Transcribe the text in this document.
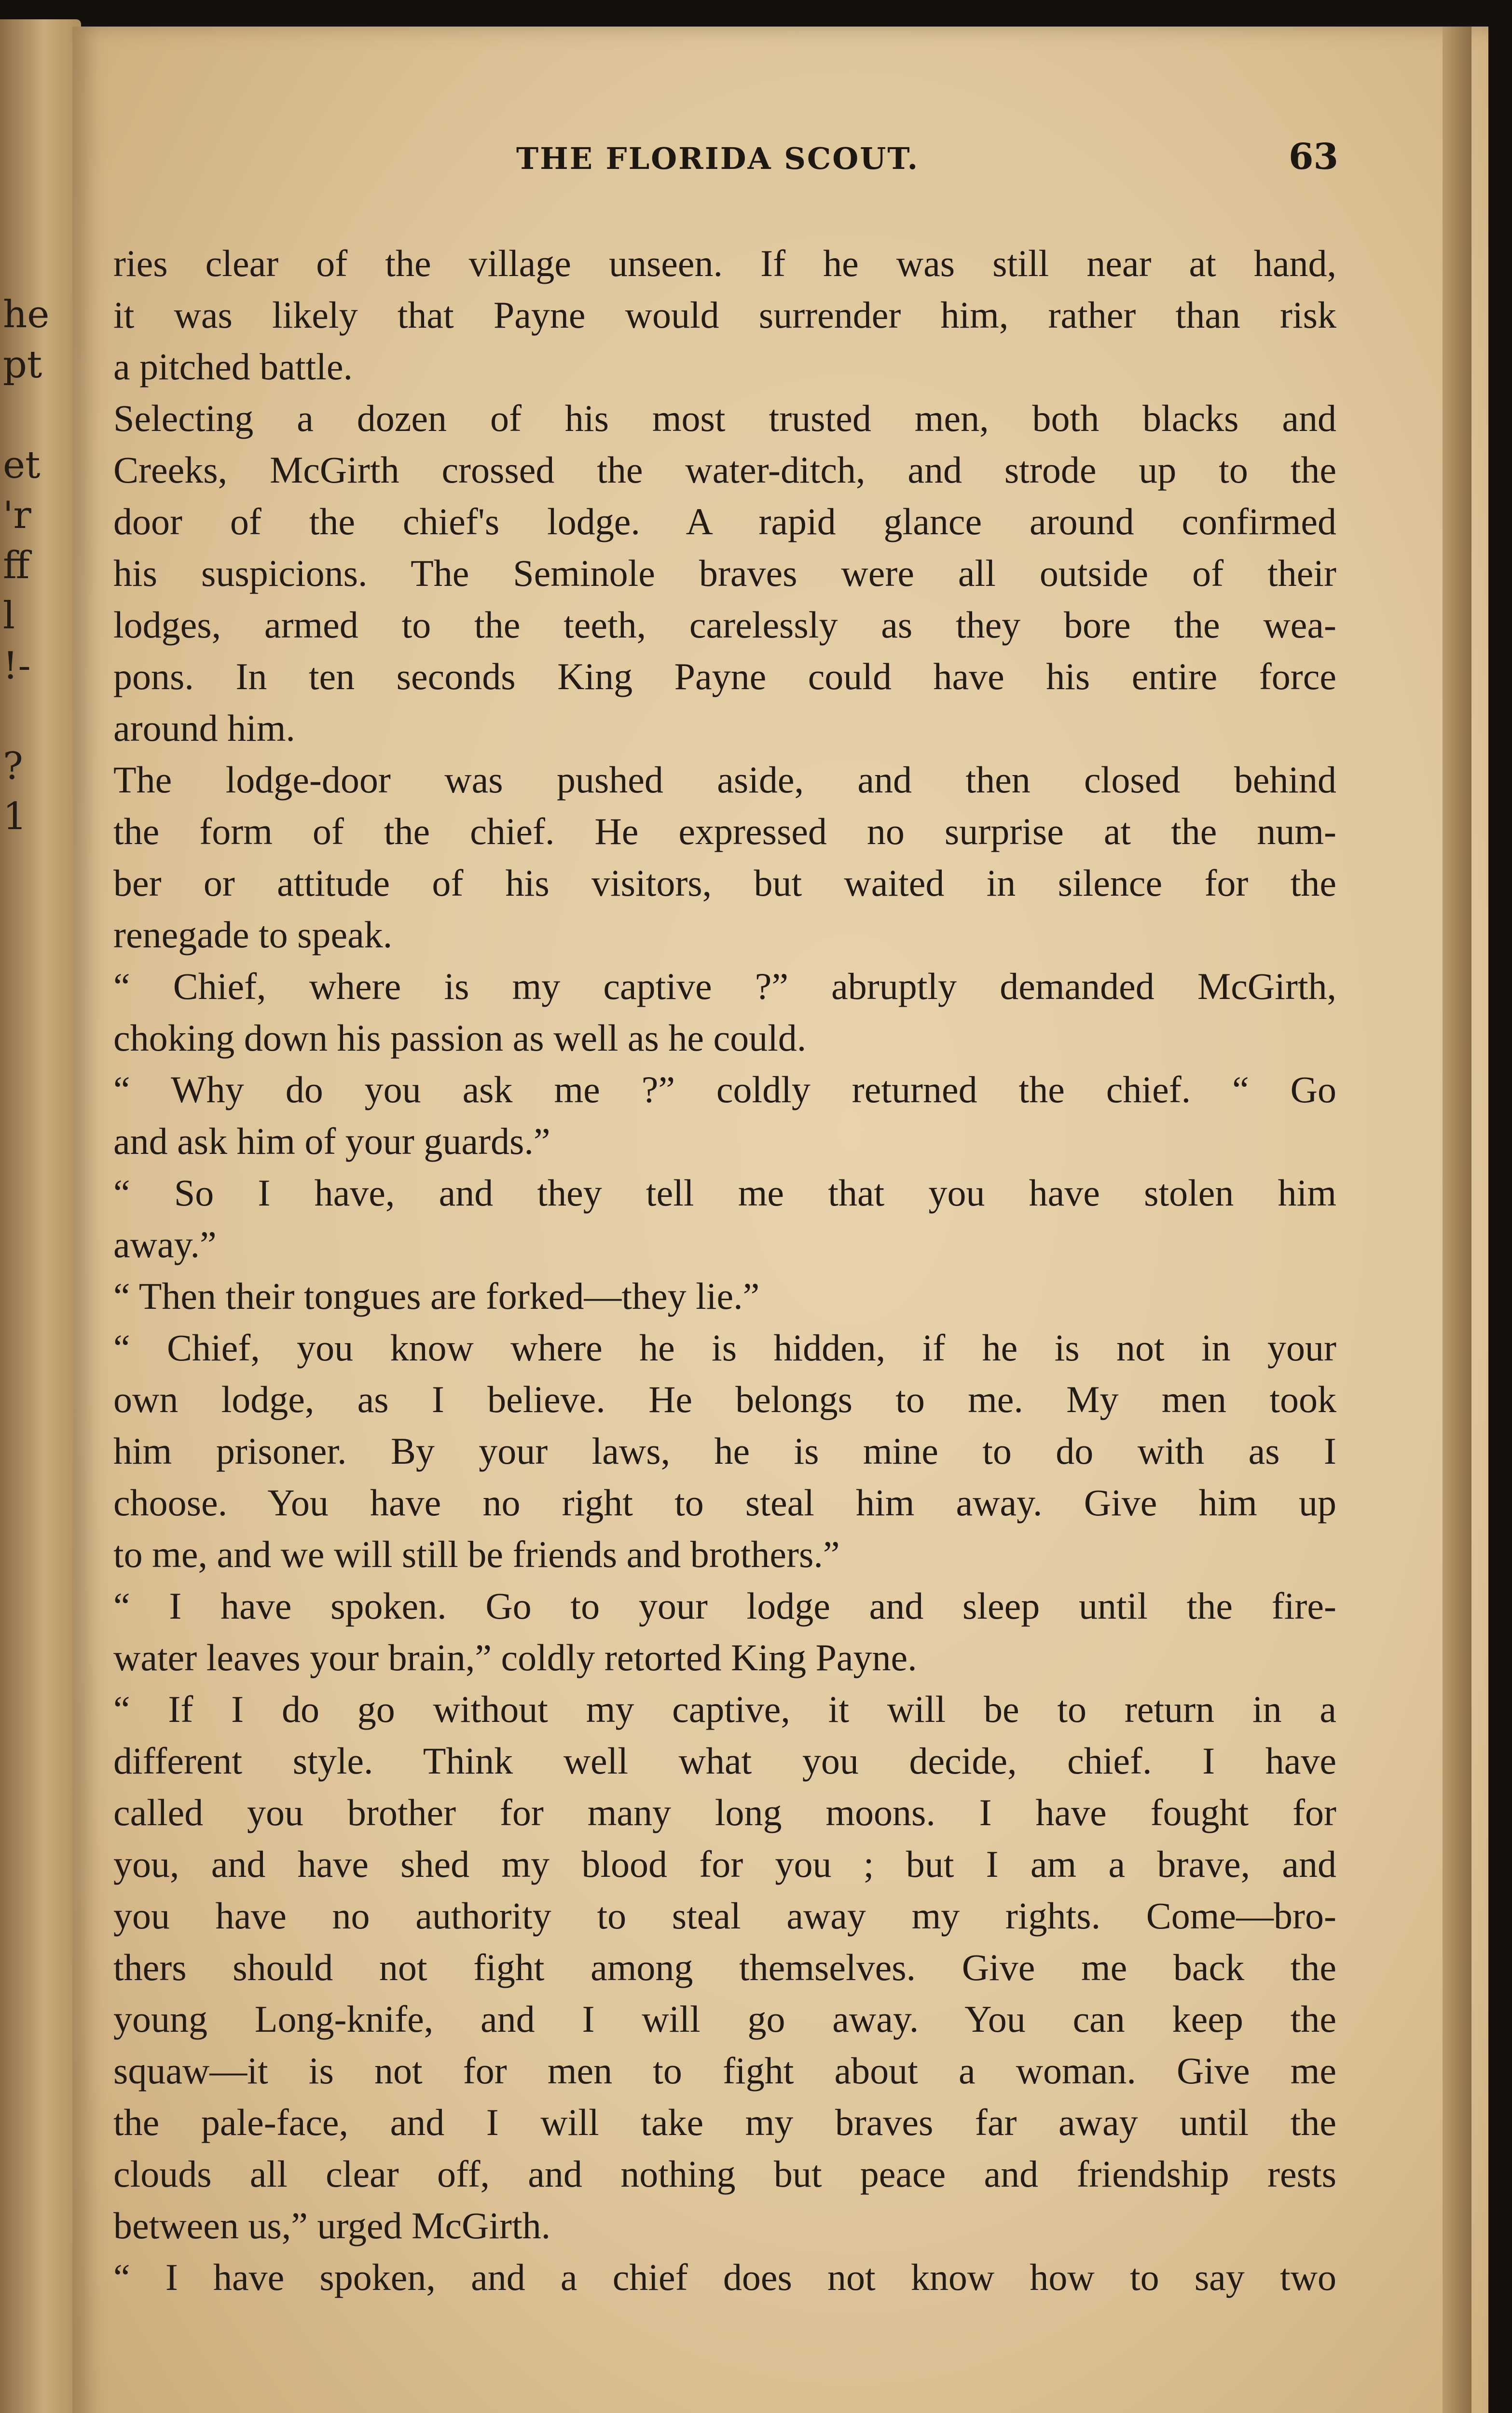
he
pt

et
'r
ff
l
!-

?
1
THE FLORIDA SCOUT.	63
ries clear of the village unseen. If he was still near at hand,
it was likely that Payne would surrender him, rather than risk
a pitched battle.
Selecting a dozen of his most trusted men, both blacks and
Creeks, McGirth crossed the water-ditch, and strode up to the
door of the chief's lodge. A rapid glance around confirmed
his suspicions. The Seminole braves were all outside of their
lodges, armed to the teeth, carelessly as they bore the wea-
pons. In ten seconds King Payne could have his entire force
around him.
The lodge-door was pushed aside, and then closed behind
the form of the chief. He expressed no surprise at the num-
ber or attitude of his visitors, but waited in silence for the
renegade to speak.
“ Chief, where is my captive ?” abruptly demanded McGirth,
choking down his passion as well as he could.
“ Why do you ask me ?” coldly returned the chief. “ Go
and ask him of your guards.”
“ So I have, and they tell me that you have stolen him
away.”
“ Then their tongues are forked—they lie.”
“ Chief, you know where he is hidden, if he is not in your
own lodge, as I believe. He belongs to me. My men took
him prisoner. By your laws, he is mine to do with as I
choose. You have no right to steal him away. Give him up
to me, and we will still be friends and brothers.”
“ I have spoken. Go to your lodge and sleep until the fire-
water leaves your brain,” coldly retorted King Payne.
“ If I do go without my captive, it will be to return in a
different style. Think well what you decide, chief. I have
called you brother for many long moons. I have fought for
you, and have shed my blood for you ; but I am a brave, and
you have no authority to steal away my rights. Come—bro-
thers should not fight among themselves. Give me back the
young Long-knife, and I will go away. You can keep the
squaw—it is not for men to fight about a woman. Give me
the pale-face, and I will take my braves far away until the
clouds all clear off, and nothing but peace and friendship rests
between us,” urged McGirth.
“ I have spoken, and a chief does not know how to say two
